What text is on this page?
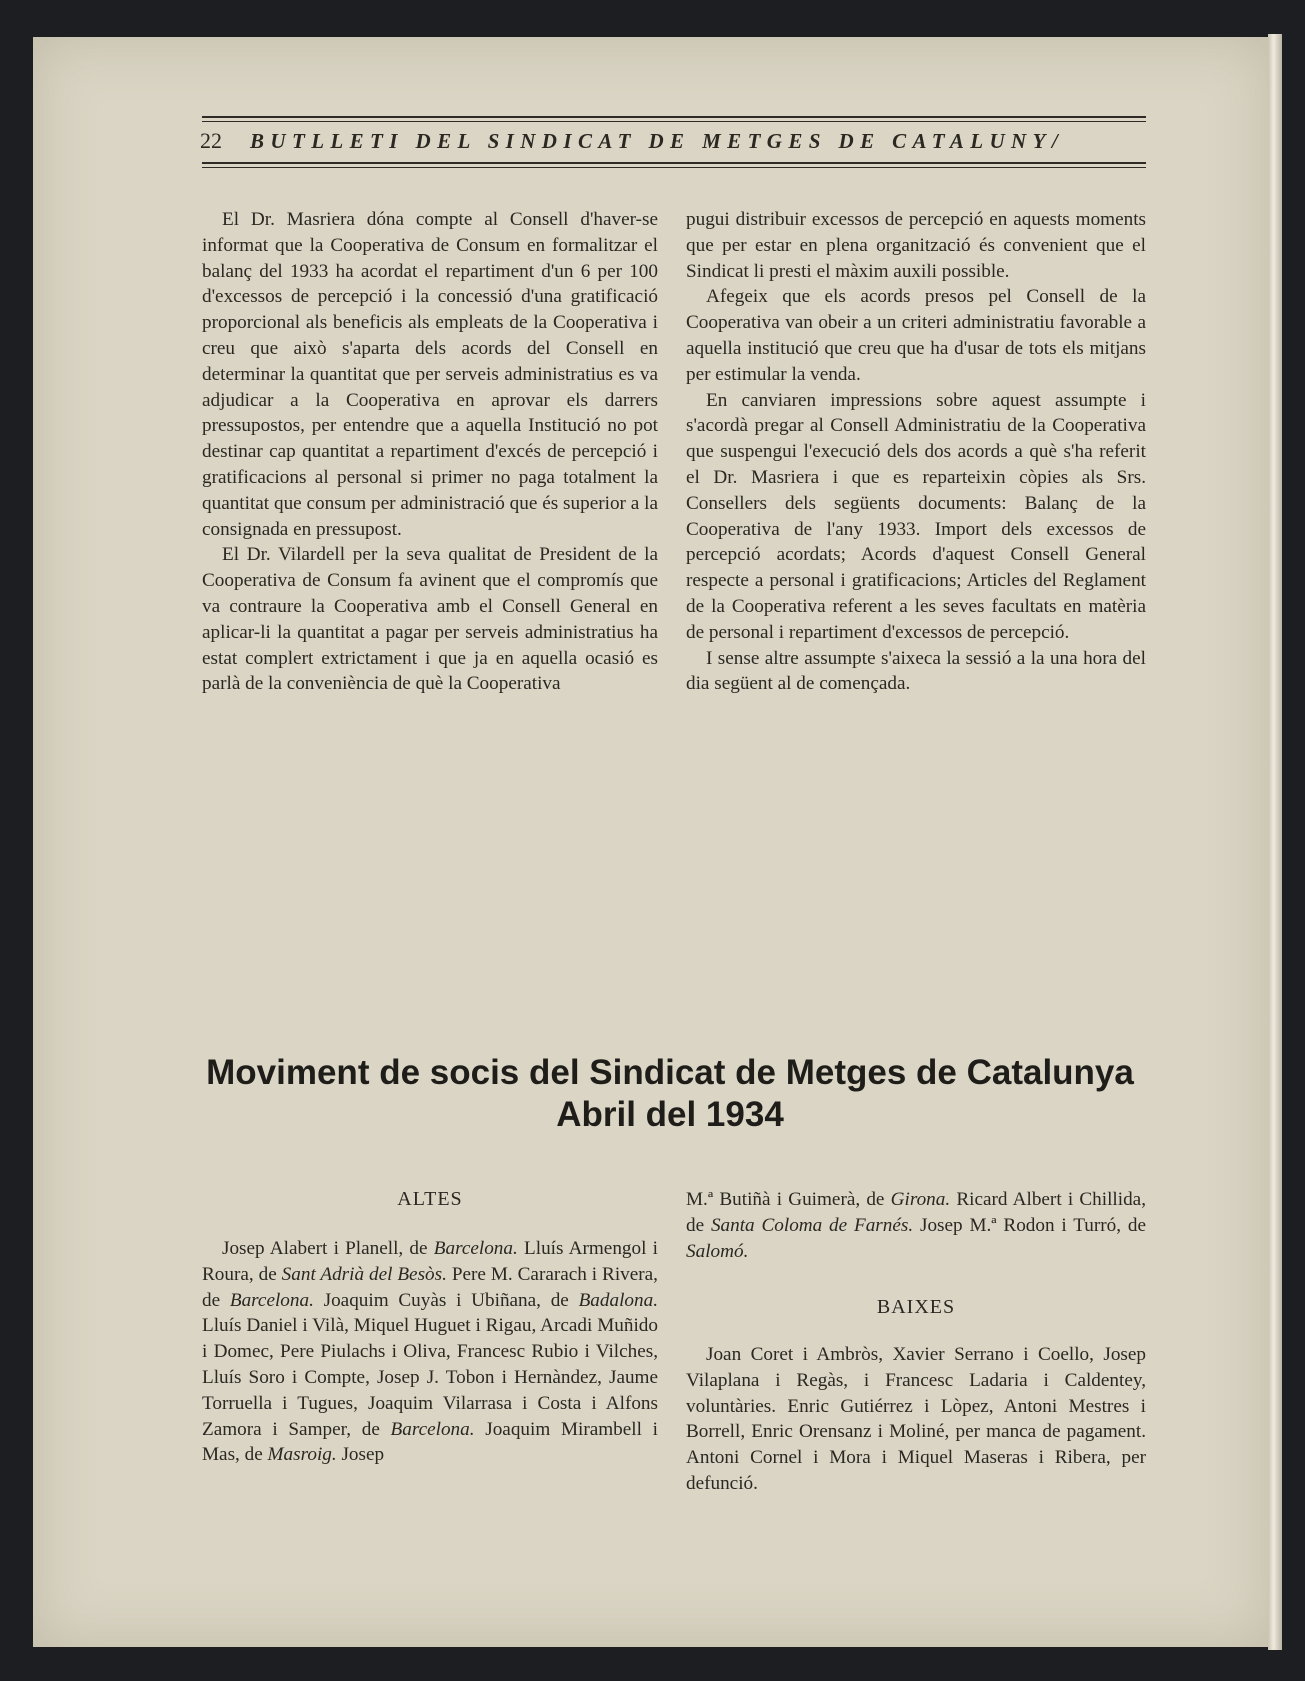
22 BUTLLETI DEL SINDICAT DE METGES DE CATALUNY/

El Dr. Masriera dóna compte al Consell d'haver-se informat que la Cooperativa de Consum en formalitzar el balanç del 1933 ha acordat el repartiment d'un 6 per 100 d'excessos de percepció i la concessió d'una gratificació proporcional als beneficis als empleats de la Cooperativa i creu que això s'aparta dels acords del Consell en determinar la quantitat que per serveis administratius es va adjudicar a la Cooperativa en aprovar els darrers pressupostos, per entendre que a aquella Institució no pot destinar cap quantitat a repartiment d'excés de percepció i gratificacions al personal si primer no paga totalment la quantitat que consum per administració que és superior a la consignada en pressupost.

El Dr. Vilardell per la seva qualitat de President de la Cooperativa de Consum fa avinent que el compromís que va contraure la Cooperativa amb el Consell General en aplicar-li la quantitat a pagar per serveis administratius ha estat complert extrictament i que ja en aquella ocasió es parlà de la conveniència de què la Cooperativa

pugui distribuir excessos de percepció en aquests moments que per estar en plena organització és convenient que el Sindicat li presti el màxim auxili possible.

Afegeix que els acords presos pel Consell de la Cooperativa van obeir a un criteri administratiu favorable a aquella institució que creu que ha d'usar de tots els mitjans per estimular la venda.

En canviaren impressions sobre aquest assumpte i s'acordà pregar al Consell Administratiu de la Cooperativa que suspengui l'execució dels dos acords a què s'ha referit el Dr. Masriera i que es reparteixin còpies als Srs. Consellers dels següents documents: Balanç de la Cooperativa de l'any 1933. Import dels excessos de percepció acordats; Acords d'aquest Consell General respecte a personal i gratificacions; Articles del Reglament de la Cooperativa referent a les seves facultats en matèria de personal i repartiment d'excessos de percepció.

I sense altre assumpte s'aixeca la sessió a la una hora del dia següent al de començada.

Moviment de socis del Sindicat de Metges de Catalunya
Abril del 1934
ALTES

Josep Alabert i Planell, de Barcelona. Lluís Armengol i Roura, de Sant Adrià del Besòs. Pere M. Cararach i Rivera, de Barcelona. Joaquim Cuyàs i Ubiñana, de Badalona. Lluís Daniel i Vilà, Miquel Huguet i Rigau, Arcadi Muñido i Domec, Pere Piulachs i Oliva, Francesc Rubio i Vilches, Lluís Soro i Compte, Josep J. Tobon i Hernàndez, Jaume Torruella i Tugues, Joaquim Vilarrasa i Costa i Alfons Zamora i Samper, de Barcelona. Joaquim Mirambell i Mas, de Masroig. Josep

M.ª Butiñà i Guimerà, de Girona. Ricard Albert i Chillida, de Santa Coloma de Farnés. Josep M.ª Rodon i Turró, de Salomó.

BAIXES

Joan Coret i Ambròs, Xavier Serrano i Coello, Josep Vilaplana i Regàs, i Francesc Ladaria i Caldentey, voluntàries. Enric Gutiérrez i Lòpez, Antoni Mestres i Borrell, Enric Orensanz i Moliné, per manca de pagament. Antoni Cornel i Mora i Miquel Maseras i Ribera, per defunció.
